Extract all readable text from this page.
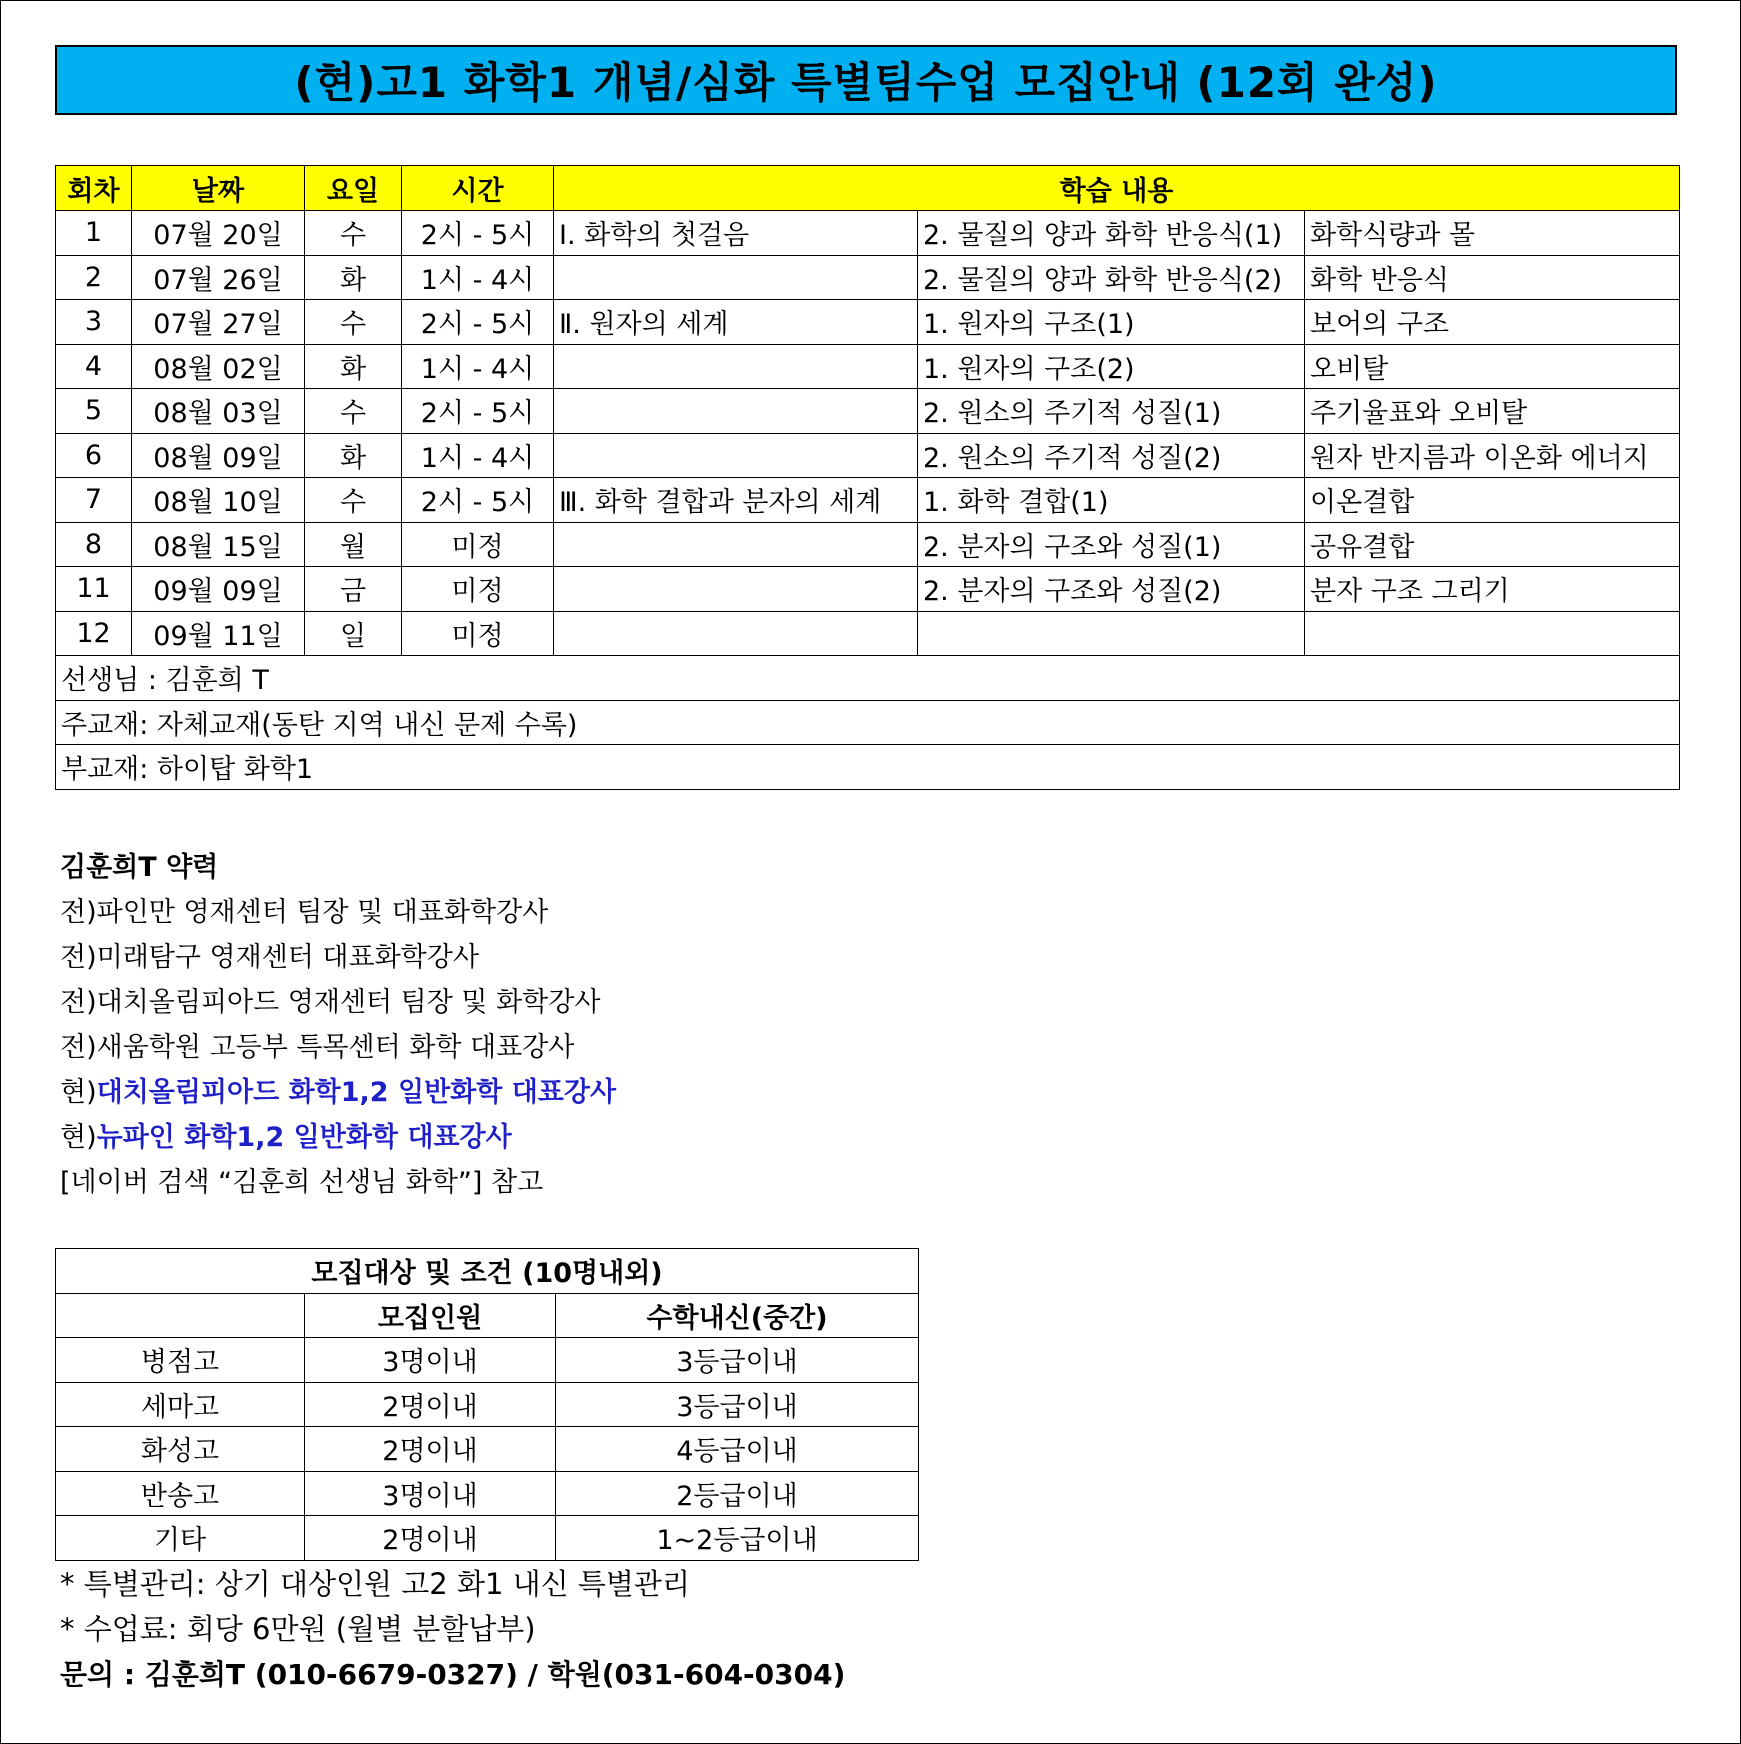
(현)고1 화학1 개념/심화 특별팀수업 모집안내 (12회 완성)
회차	날짜	요일	시간	학습 내용		
1	07월 20일	수	2시 - 5시	Ⅰ. 화학의 첫걸음	2. 물질의 양과 화학 반응식(1)	화학식량과 몰
2	07월 26일	화	1시 - 4시		2. 물질의 양과 화학 반응식(2)	화학 반응식
3	07월 27일	수	2시 - 5시	Ⅱ. 원자의 세계	1. 원자의 구조(1)	보어의 구조
4	08월 02일	화	1시 - 4시		1. 원자의 구조(2)	오비탈
5	08월 03일	수	2시 - 5시		2. 원소의 주기적 성질(1)	주기율표와 오비탈
6	08월 09일	화	1시 - 4시		2. 원소의 주기적 성질(2)	원자 반지름과 이온화 에너지
7	08월 10일	수	2시 - 5시	Ⅲ. 화학 결합과 분자의 세계	1. 화학 결합(1)	이온결합
8	08월 15일	월	미정		2. 분자의 구조와 성질(1)	공유결합
11	09월 09일	금	미정		2. 분자의 구조와 성질(2)	분자 구조 그리기
12	09월 11일	일	미정			
선생님 : 김훈희 T						
주교재: 자체교재(동탄 지역 내신 문제 수록)						
부교재: 하이탑 화학1						
김훈희T 약력
전)파인만 영재센터 팀장 및 대표화학강사
전)미래탐구 영재센터 대표화학강사
전)대치올림피아드 영재센터 팀장 및 화학강사
전)새움학원 고등부 특목센터 화학 대표강사
현)대치올림피아드 화학1,2 일반화학 대표강사
현)뉴파인 화학1,2 일반화학 대표강사
[네이버 검색 “김훈희 선생님 화학”] 참고
모집대상 및 조건 (10명내외)		
	모집인원	수학내신(중간)
병점고	3명이내	3등급이내
세마고	2명이내	3등급이내
화성고	2명이내	4등급이내
반송고	3명이내	2등급이내
기타	2명이내	1~2등급이내
* 특별관리: 상기 대상인원 고2 화1 내신 특별관리
* 수업료: 회당 6만원 (월별 분할납부)
문의 : 김훈희T (010-6679-0327) / 학원(031-604-0304)
